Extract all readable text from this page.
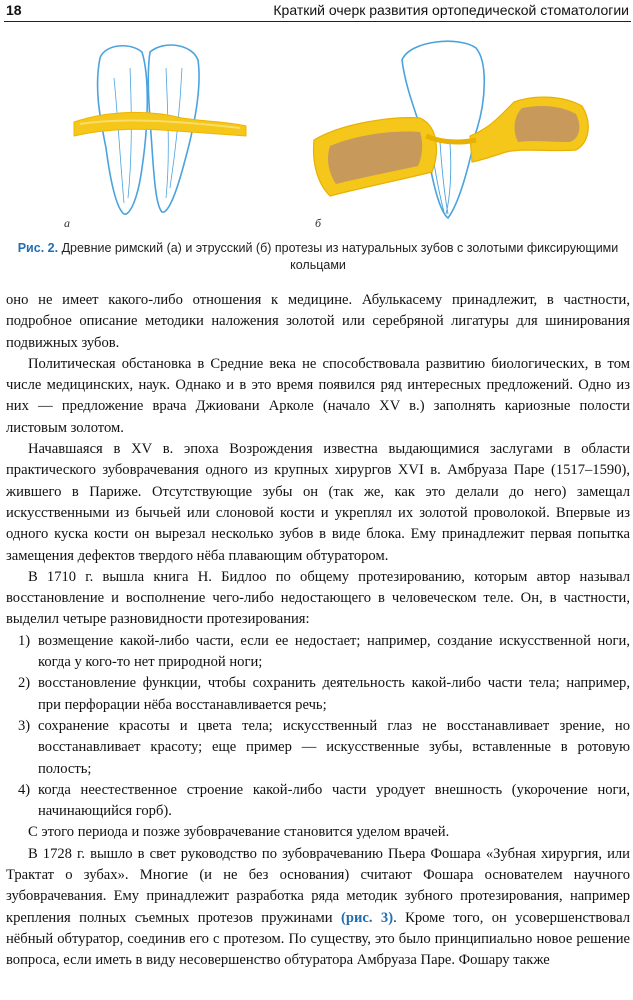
18	Краткий очерк развития ортопедической стоматологии
а	б
Рис. 2. Древние римский (а) и этрусский (б) протезы из натуральных зубов с золотыми фиксирующими кольцами

оно не имеет какого-либо отношения к медицине. Абулькасему принадлежит, в частности, подробное описание методики наложения золотой или серебряной лигатуры для шинирования подвижных зубов.

Политическая обстановка в Средние века не способствовала развитию биологических, в том числе медицинских, наук. Однако и в это время появился ряд интересных предложений. Одно из них — предложение врача Джиовани Арколе (начало XV в.) заполнять кариозные полости листовым золотом.

Начавшаяся в XV в. эпоха Возрождения известна выдающимися заслугами в области практического зубоврачевания одного из крупных хирургов XVI в. Амбруаза Паре (1517–1590), жившего в Париже. Отсутствующие зубы он (так же, как это делали до него) замещал искусственными из бычьей или слоновой кости и укреплял их золотой проволокой. Впервые из одного куска кости он вырезал несколько зубов в виде блока. Ему принадлежит первая попытка замещения дефектов твердого нёба плавающим обтуратором.

В 1710 г. вышла книга Н. Бидлоо по общему протезированию, которым автор называл восстановление и восполнение чего-либо недостающего в человеческом теле. Он, в частности, выделил четыре разновидности протезирования:

1) возмещение какой-либо части, если ее недостает; например, создание искусственной ноги, когда у кого-то нет природной ноги;
2) восстановление функции, чтобы сохранить деятельность какой-либо части тела; например, при перфорации нёба восстанавливается речь;
3) сохранение красоты и цвета тела; искусственный глаз не восстанавливает зрение, но восстанавливает красоту; еще пример — искусственные зубы, вставленные в ротовую полость;
4) когда неестественное строение какой-либо части уродует внешность (укорочение ноги, начинающийся горб).

С этого периода и позже зубоврачевание становится уделом врачей.

В 1728 г. вышло в свет руководство по зубоврачеванию Пьера Фошара «Зубная хирургия, или Трактат о зубах». Многие (и не без основания) считают Фошара основателем научного зубоврачевания. Ему принадлежит разработка ряда методик зубного протезирования, например крепления полных съемных протезов пружинами (рис. 3). Кроме того, он усовершенствовал нёбный обтуратор, соединив его с протезом. По существу, это было принципиально новое решение вопроса, если иметь в виду несовершенство обтуратора Амбруаза Паре. Фошару также
